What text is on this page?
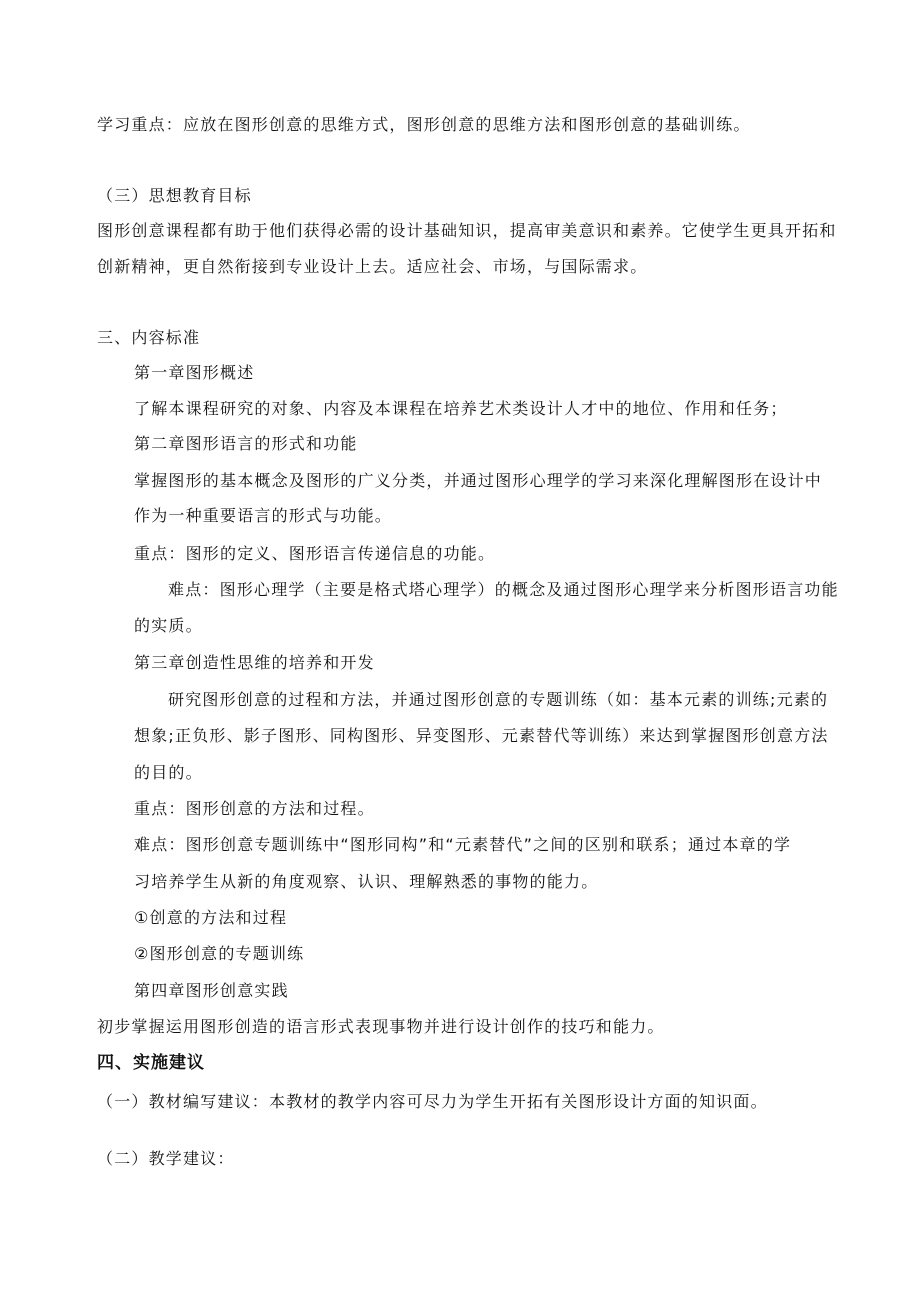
学习重点：应放在图形创意的思维方式，图形创意的思维方法和图形创意的基础训练。
（三）思想教育目标
图形创意课程都有助于他们获得必需的设计基础知识，提高审美意识和素养。它使学生更具开拓和
创新精神，更自然衔接到专业设计上去。适应社会、市场，与国际需求。
三、内容标准
第一章图形概述
了解本课程研究的对象、内容及本课程在培养艺术类设计人才中的地位、作用和任务；
第二章图形语言的形式和功能
掌握图形的基本概念及图形的广义分类，并通过图形心理学的学习来深化理解图形在设计中
作为一种重要语言的形式与功能。
重点：图形的定义、图形语言传递信息的功能。
难点：图形心理学（主要是格式塔心理学）的概念及通过图形心理学来分析图形语言功能
的实质。
第三章创造性思维的培养和开发
研究图形创意的过程和方法，并通过图形创意的专题训练（如：基本元素的训练;元素的
想象;正负形、影子图形、同构图形、异变图形、元素替代等训练）来达到掌握图形创意方法
的目的。
重点：图形创意的方法和过程。
难点：图形创意专题训练中“图形同构”和“元素替代”之间的区别和联系；通过本章的学
习培养学生从新的角度观察、认识、理解熟悉的事物的能力。
①创意的方法和过程
②图形创意的专题训练
第四章图形创意实践
初步掌握运用图形创造的语言形式表现事物并进行设计创作的技巧和能力。
四、实施建议
（一）教材编写建议：本教材的教学内容可尽力为学生开拓有关图形设计方面的知识面。
（二）教学建议：
